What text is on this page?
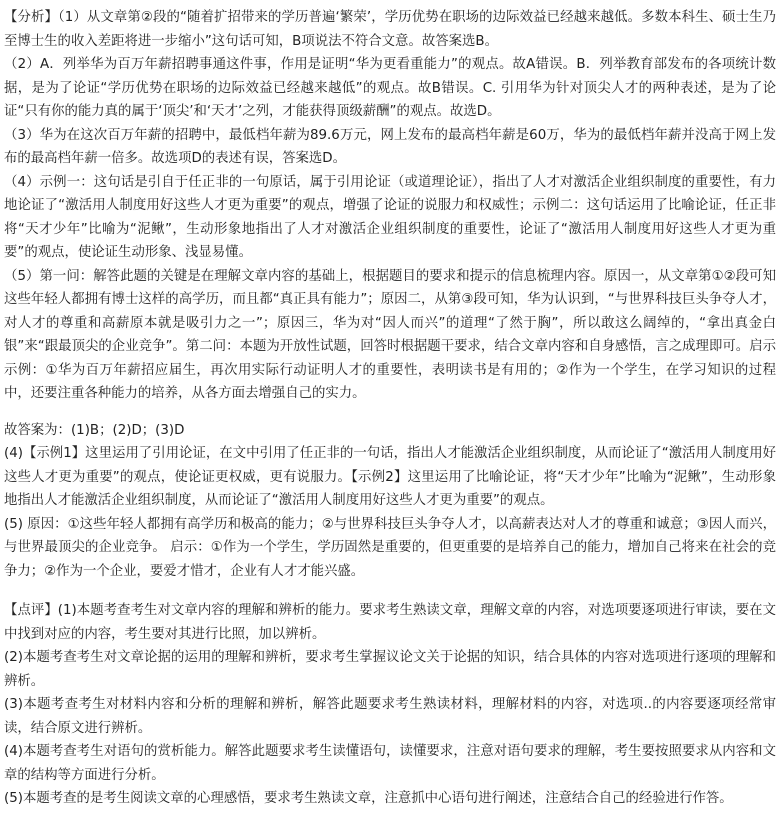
【分析】（1）从文章第②段的“随着扩招带来的学历普遍‘繁荣’，学历优势在职场的边际效益已经越来越低。多数本科生、硕士生乃至博士生的收入差距将进一步缩小”这句话可知，B项说法不符合文意。故答案选B。

（2）A．列举华为百万年薪招聘事通这件事，作用是证明“华为更看重能力”的观点。故A错误。B．列举教育部发布的各项统计数据，是为了论证“学历优势在职场的边际效益已经越来越低”的观点。故B错误。C. 引用华为针对顶尖人才的两种表述，是为了论证“只有你的能力真的属于‘顶尖’和‘天才’之列，才能获得顶级薪酬”的观点。故选D。

（3）华为在这次百万年薪的招聘中，最低档年薪为89.6万元，网上发布的最高档年薪是60万，华为的最低档年薪并没高于网上发布的最高档年薪一倍多。故选项D的表述有误，答案选D。

（4）示例一：这句话是引自于任正非的一句原话，属于引用论证（或道理论证），指出了人才对激活企业组织制度的重要性，有力地论证了“激活用人制度用好这些人才更为重要”的观点，增强了论证的说服力和权威性；示例二：这句话运用了比喻论证，任正非将“天才少年”比喻为“泥鳅”，生动形象地指出了人才对激活企业组织制度的重要性，论证了“激活用人制度用好这些人才更为重要”的观点，使论证生动形象、浅显易懂。

（5）第一问：解答此题的关键是在理解文章内容的基础上，根据题目的要求和提示的信息梳理内容。原因一，从文章第①②段可知这些年轻人都拥有博士这样的高学历，而且都“真正具有能力”；原因二，从第③段可知，华为认识到，“与世界科技巨头争夺人才，对人才的尊重和高薪原本就是吸引力之一”；原因三，华为对“因人而兴”的道理“了然于胸”，所以敢这么阔绰的，“拿出真金白银”来“跟最顶尖的企业竞争”。第二问：本题为开放性试题，回答时根据题干要求，结合文章内容和自身感悟，言之成理即可。启示示例：①华为百万年薪招应届生，再次用实际行动证明人才的重要性，表明读书是有用的；②作为一个学生，在学习知识的过程中，还要注重各种能力的培养，从各方面去增强自己的实力。

故答案为：(1)B；(2)D；(3)D

(4)【示例1】这里运用了引用论证，在文中引用了任正非的一句话，指出人才能激活企业组织制度，从而论证了“激活用人制度用好这些人才更为重要”的观点，使论证更权威，更有说服力。【示例2】这里运用了比喻论证，将“天才少年”比喻为“泥鳅”，生动形象地指出人才能激活企业组织制度，从而论证了“激活用人制度用好这些人才更为重要”的观点。

(5) 原因：①这些年轻人都拥有高学历和极高的能力；②与世界科技巨头争夺人才，以高薪表达对人才的尊重和诚意；③因人而兴，与世界最顶尖的企业竞争。 启示：①作为一个学生，学历固然是重要的，但更重要的是培养自己的能力，增加自己将来在社会的竞争力；②作为一个企业，要爱才惜才，企业有人才才能兴盛。

【点评】(1)本题考查考生对文章内容的理解和辨析的能力。要求考生熟读文章，理解文章的内容，对选项要逐项进行审读，要在文中找到对应的内容，考生要对其进行比照，加以辨析。

(2)本题考查考生对文章论据的运用的理解和辨析，要求考生掌握议论文关于论据的知识，结合具体的内容对选项进行逐项的理解和辨析。

(3)本题考查考生对材料内容和分析的理解和辨析，解答此题要求考生熟读材料，理解材料的内容，对选项..的内容要逐项经常审读，结合原文进行辨析。

(4)本题考查考生对语句的赏析能力。解答此题要求考生读懂语句，读懂要求，注意对语句要求的理解，考生要按照要求从内容和文章的结构等方面进行分析。

(5)本题考查的是考生阅读文章的心理感悟，要求考生熟读文章，注意抓中心语句进行阐述，注意结合自己的经验进行作答。
